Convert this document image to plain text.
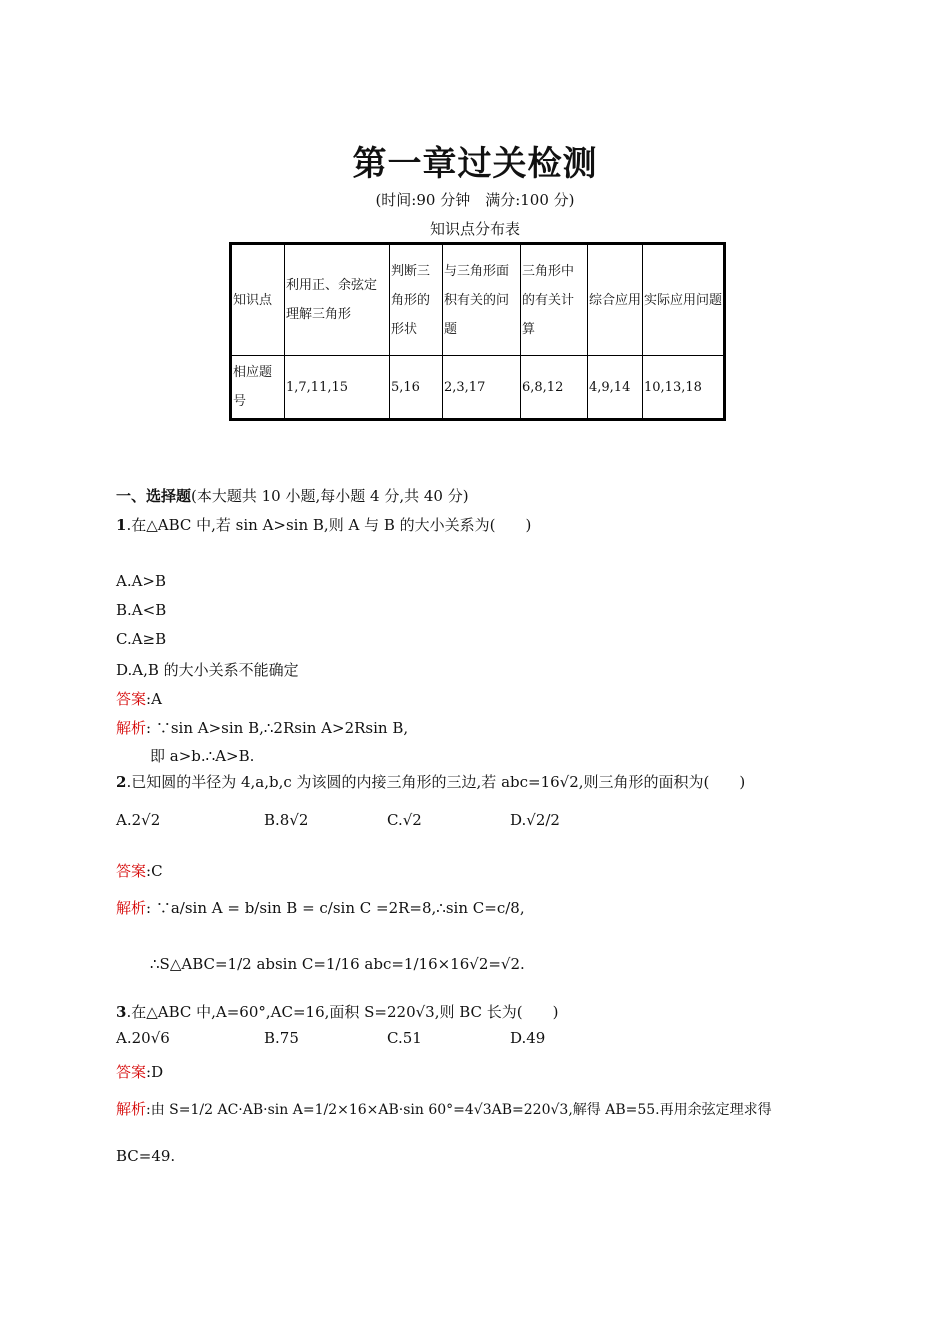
第一章过关检测
(时间:90 分钟　满分:100 分)
知识点分布表
知识点	利用正、余弦定理解三角形	判断三角形的形状	与三角形面积有关的问题	三角形中的有关计算	综合应用	实际应用问题
相应题号	1,7,11,15	5,16	2,3,17	6,8,12	4,9,14	10,13,18
一、选择题(本大题共 10 小题,每小题 4 分,共 40 分)
1.在△ABC 中,若 sin A>sin B,则 A 与 B 的大小关系为(　　)
A.A>B
B.A<B
C.A≥B
D.A,B 的大小关系不能确定
答案:A
解析: ∵sin A>sin B,∴2Rsin A>2Rsin B,
即 a>b.∴A>B.
2.已知圆的半径为 4,a,b,c 为该圆的内接三角形的三边,若 abc=16√2,则三角形的面积为(　　)
A.2√2	B.8√2	C.√2	D.√2/2
答案:C
解析: ∵a/sin A = b/sin B = c/sin C =2R=8,∴sin C=c/8,
∴S△ABC=1/2 absin C=1/16 abc=1/16×16√2=√2.
3.在△ABC 中,A=60°,AC=16,面积 S=220√3,则 BC 长为(　　)
A.20√6	B.75	C.51	D.49
答案:D
解析:由 S=1/2 AC·AB·sin A=1/2×16×AB·sin 60°=4√3AB=220√3,解得 AB=55.再用余弦定理求得
BC=49.
